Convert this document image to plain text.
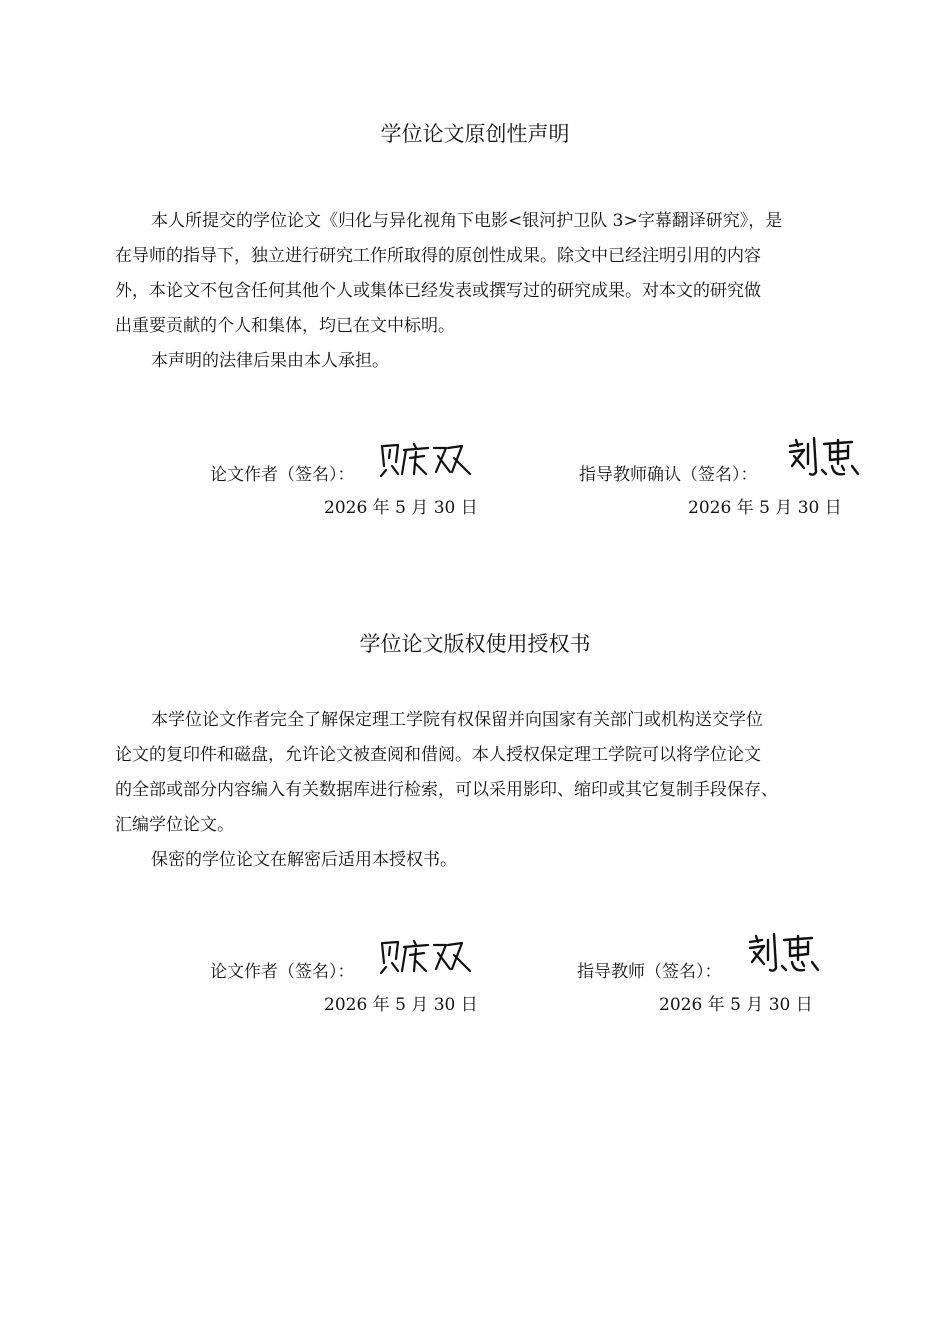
学位论文原创性声明
本人所提交的学位论文《归化与异化视角下电影<银河护卫队 3>字幕翻译研究》，是
在导师的指导下，独立进行研究工作所取得的原创性成果。除文中已经注明引用的内容
外，本论文不包含任何其他个人或集体已经发表或撰写过的研究成果。对本文的研究做
出重要贡献的个人和集体，均已在文中标明。
本声明的法律后果由本人承担。
论文作者（签名）：
2026 年 5 月 30 日
指导教师确认（签名）：
2026 年 5 月 30 日
学位论文版权使用授权书
本学位论文作者完全了解保定理工学院有权保留并向国家有关部门或机构送交学位
论文的复印件和磁盘，允许论文被查阅和借阅。本人授权保定理工学院可以将学位论文
的全部或部分内容编入有关数据库进行检索，可以采用影印、缩印或其它复制手段保存、
汇编学位论文。
保密的学位论文在解密后适用本授权书。
论文作者（签名）：
2026 年 5 月 30 日
指导教师（签名）：
2026 年 5 月 30 日
